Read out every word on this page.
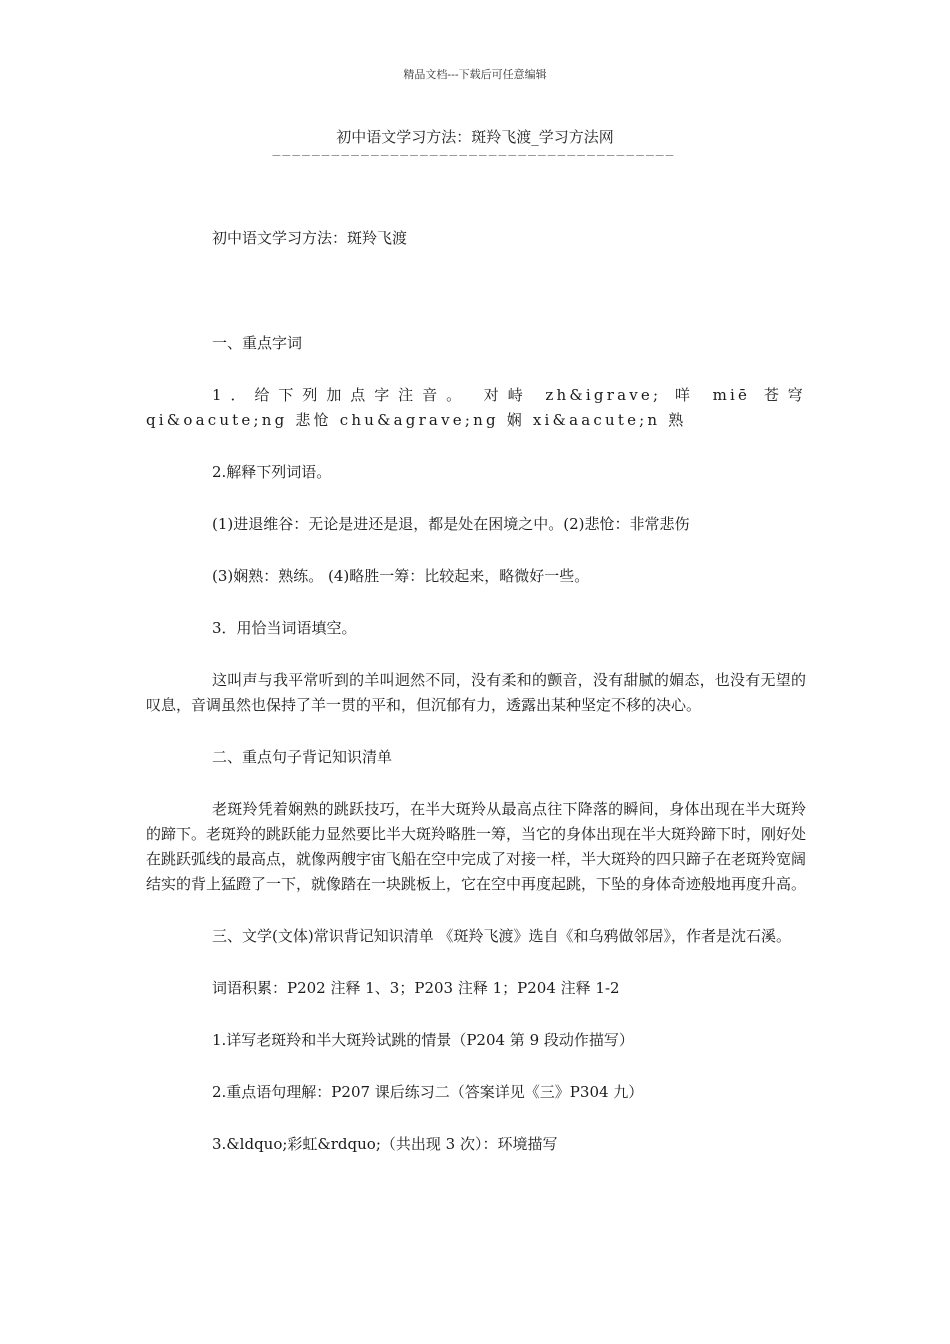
精品文档---下载后可任意编辑
初中语文学习方法：斑羚飞渡_学习方法网
—————————————————————————————————————————

初中语文学习方法：斑羚飞渡

一、重点字词

1．给下列加点字注音。 对峙 zh&igrave; 咩 miē 苍穹 qi&oacute;ng 悲怆 chu&agrave;ng 娴 xi&aacute;n 熟

2.解释下列词语。

(1)进退维谷：无论是进还是退，都是处在困境之中。(2)悲怆：非常悲伤

(3)娴熟：熟练。 (4)略胜一筹：比较起来，略微好一些。

3．用恰当词语填空。

这叫声与我平常听到的羊叫迥然不同，没有柔和的颤音，没有甜腻的媚态，也没有无望的叹息，音调虽然也保持了羊一贯的平和，但沉郁有力，透露出某种坚定不移的决心。

二、重点句子背记知识清单

老斑羚凭着娴熟的跳跃技巧，在半大斑羚从最高点往下降落的瞬间，身体出现在半大斑羚的蹄下。老斑羚的跳跃能力显然要比半大斑羚略胜一筹，当它的身体出现在半大斑羚蹄下时，刚好处在跳跃弧线的最高点，就像两艘宇宙飞船在空中完成了对接一样，半大斑羚的四只蹄子在老斑羚宽阔结实的背上猛蹬了一下，就像踏在一块跳板上，它在空中再度起跳，下坠的身体奇迹般地再度升高。

三、文学(文体)常识背记知识清单 《斑羚飞渡》选自《和乌鸦做邻居》，作者是沈石溪。

词语积累：P202 注释 1、3；P203 注释 1；P204 注释 1-2

1.详写老斑羚和半大斑羚试跳的情景（P204 第 9 段动作描写）

2.重点语句理解：P207 课后练习二（答案详见《三》P304 九）

3.&ldquo;彩虹&rdquo;（共出现 3 次）：环境描写
